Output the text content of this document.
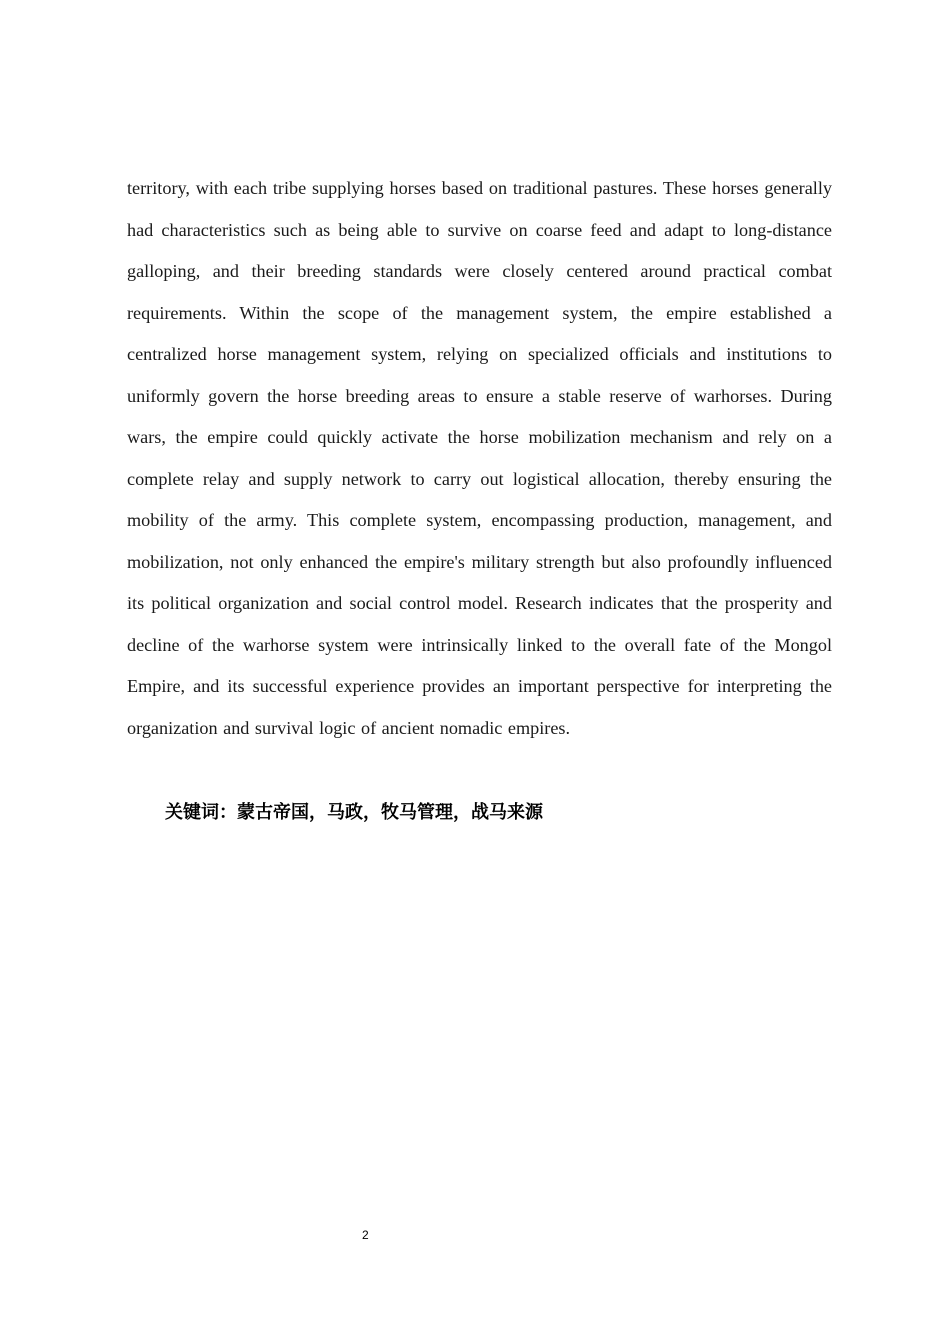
territory, with each tribe supplying horses based on traditional pastures. These horses generally had characteristics such as being able to survive on coarse feed and adapt to long-distance galloping, and their breeding standards were closely centered around practical combat requirements. Within the scope of the management system, the empire established a centralized horse management system, relying on specialized officials and institutions to uniformly govern the horse breeding areas to ensure a stable reserve of warhorses. During wars, the empire could quickly activate the horse mobilization mechanism and rely on a complete relay and supply network to carry out logistical allocation, thereby ensuring the mobility of the army. This complete system, encompassing production, management, and mobilization, not only enhanced the empire's military strength but also profoundly influenced its political organization and social control model. Research indicates that the prosperity and decline of the warhorse system were intrinsically linked to the overall fate of the Mongol Empire, and its successful experience provides an important perspective for interpreting the organization and survival logic of ancient nomadic empires.

关键词：蒙古帝国，马政，牧马管理，战马来源

2
